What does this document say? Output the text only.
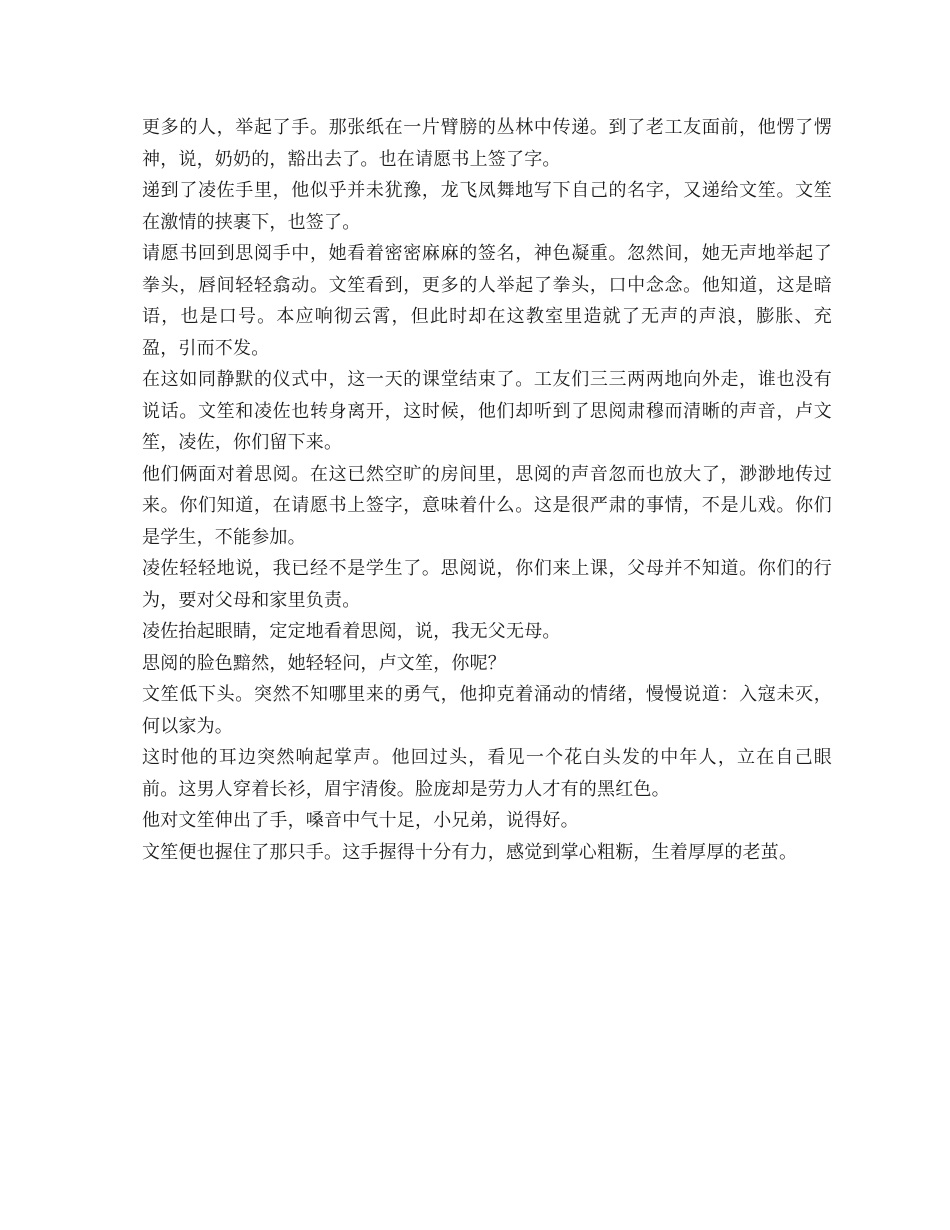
更多的人，举起了手。那张纸在一片臂膀的丛林中传递。到了老工友面前，他愣了愣神，说，奶奶的，豁出去了。也在请愿书上签了字。

递到了凌佐手里，他似乎并未犹豫，龙飞凤舞地写下自己的名字，又递给文笙。文笙在激情的挟裹下，也签了。

请愿书回到思阅手中，她看着密密麻麻的签名，神色凝重。忽然间，她无声地举起了拳头，唇间轻轻翕动。文笙看到，更多的人举起了拳头，口中念念。他知道，这是暗语，也是口号。本应响彻云霄，但此时却在这教室里造就了无声的声浪，膨胀、充盈，引而不发。

在这如同静默的仪式中，这一天的课堂结束了。工友们三三两两地向外走，谁也没有说话。文笙和凌佐也转身离开，这时候，他们却听到了思阅肃穆而清晰的声音，卢文笙，凌佐，你们留下来。

他们俩面对着思阅。在这已然空旷的房间里，思阅的声音忽而也放大了，渺渺地传过来。你们知道，在请愿书上签字，意味着什么。这是很严肃的事情，不是儿戏。你们是学生，不能参加。

凌佐轻轻地说，我已经不是学生了。思阅说，你们来上课，父母并不知道。你们的行为，要对父母和家里负责。

凌佐抬起眼睛，定定地看着思阅，说，我无父无母。

思阅的脸色黯然，她轻轻问，卢文笙，你呢？

文笙低下头。突然不知哪里来的勇气，他抑克着涌动的情绪，慢慢说道：入寇未灭，何以家为。

这时他的耳边突然响起掌声。他回过头，看见一个花白头发的中年人，立在自己眼前。这男人穿着长衫，眉宇清俊。脸庞却是劳力人才有的黑红色。

他对文笙伸出了手，嗓音中气十足，小兄弟，说得好。

文笙便也握住了那只手。这手握得十分有力，感觉到掌心粗粝，生着厚厚的老茧。
